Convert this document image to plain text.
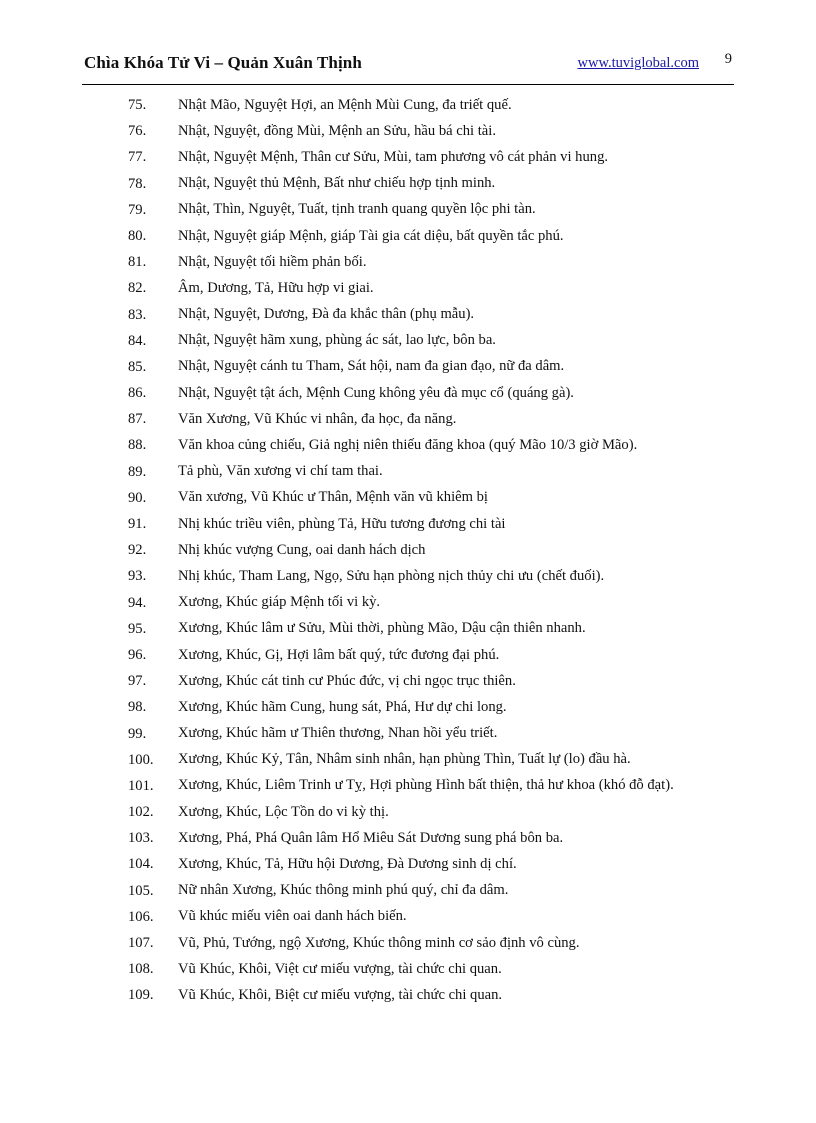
Chìa Khóa Tử Vi – Quản Xuân Thịnh	www.tuviglobal.com 9
75.	Nhật Mão, Nguyệt Hợi, an Mệnh Mùi Cung, đa triết quế.
76.	Nhật, Nguyệt, đồng Mùi, Mệnh an Sửu, hầu bá chi tài.
77.	Nhật, Nguyệt Mệnh, Thân cư Sửu, Mùi, tam phương vô cát phản vi hung.
78.	Nhật, Nguyệt thủ Mệnh, Bất như chiếu hợp tịnh minh.
79.	Nhật, Thìn, Nguyệt, Tuất, tịnh tranh quang quyền lộc phi tàn.
80.	Nhật, Nguyệt giáp Mệnh, giáp Tài gia cát diệu, bất quyền tắc phú.
81.	Nhật, Nguyệt tối hiềm phản bối.
82.	Âm, Dương, Tả, Hữu hợp vi giai.
83.	Nhật, Nguyệt, Dương, Đà đa khắc thân (phụ mẫu).
84.	Nhật, Nguyệt hãm xung, phùng ác sát, lao lực, bôn ba.
85.	Nhật, Nguyệt cánh tu Tham, Sát hội, nam đa gian đạo, nữ đa dâm.
86.	Nhật, Nguyệt tật ách, Mệnh Cung không yêu đà mục cổ (quáng gà).
87.	Văn Xương, Vũ Khúc vi nhân, đa học, đa năng.
88.	Văn khoa củng chiếu, Giả nghị niên thiếu đăng khoa (quý Mão 10/3 giờ Mão).
89.	Tả phù, Văn xương vi chí tam thai.
90.	Văn xương, Vũ Khúc ư Thân, Mệnh văn vũ khiêm bị
91.	Nhị khúc triều viên, phùng Tả, Hữu tương đương chi tài
92.	Nhị khúc vượng Cung, oai danh hách dịch
93.	Nhị khúc, Tham Lang, Ngọ, Sửu hạn phòng nịch thủy chi ưu (chết đuối).
94.	Xương, Khúc giáp Mệnh tối vi kỳ.
95.	Xương, Khúc lâm ư Sửu, Mùi thời, phùng Mão, Dậu cận thiên nhanh.
96.	Xương, Khúc, Gị, Hợi lâm bất quý, tức đương đại phú.
97.	Xương, Khúc cát tinh cư Phúc đức, vị chi ngọc trục thiên.
98.	Xương, Khúc hãm Cung, hung sát, Phá, Hư dự chi long.
99.	Xương, Khúc hãm ư Thiên thương, Nhan hồi yểu triết.
100.	Xương, Khúc Kỷ, Tân, Nhâm sinh nhân, hạn phùng Thìn, Tuất lự (lo) đầu hà.
101.	Xương, Khúc, Liêm Trinh ư Tỵ, Hợi phùng Hình bất thiện, thả hư khoa (khó đỗ đạt).
102.	Xương, Khúc, Lộc Tồn do vi kỳ thị.
103.	Xương, Phá, Phá Quân lâm Hổ Miêu Sát Dương sung phá bôn ba.
104.	Xương, Khúc, Tả, Hữu hội Dương, Đà Dương sinh dị chí.
105.	Nữ nhân Xương, Khúc thông minh phú quý, chỉ đa dâm.
106.	Vũ khúc miếu viên oai danh hách biến.
107.	Vũ, Phủ, Tướng, ngộ Xương, Khúc thông minh cơ sảo định vô cùng.
108.	Vũ Khúc, Khôi, Việt cư miếu vượng, tài chức chi quan.
109.	Vũ Khúc, Khôi, Biệt cư miếu vượng, tài chức chi quan.
